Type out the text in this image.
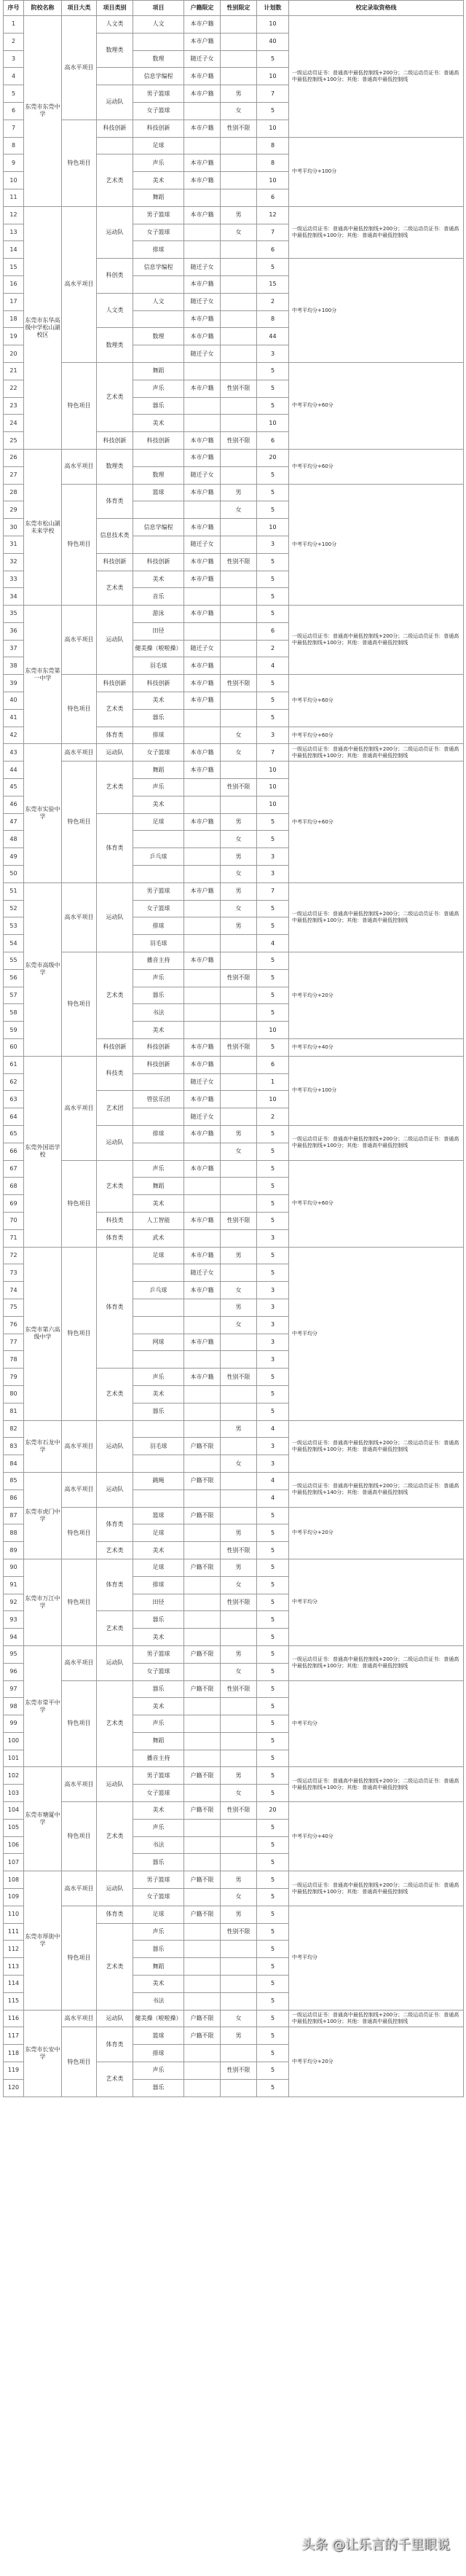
序号	院校名称	项目大类	项目类别	项目	户籍限定	性别限定	计划数	校定录取资格线
1	东莞市东莞中学	高水平项目	人文类	人文	本市户籍		10	一级运动员证书：普通高中最低控制线+200分；二级运动员证书：普通高中最低控制线+100分；其他：普通高中最低控制线
2			数理类		本市户籍		40	
3				数理	随迁子女		5	
4				信息学编程	本市户籍		10	
5			运动队	男子篮球	本市户籍	男	7	
6				女子篮球		女	5	
7		特色项目	科技创新	科技创新	本市户籍	性别不限	10	
8				足球			8	中考平均分+100分
9			艺术类	声乐	本市户籍		8	
10				美术	本市户籍		10	
11				舞蹈			6	
12	东莞市东华高级中学松山湖校区	高水平项目	运动队	男子篮球	本市户籍	男	12	一级运动员证书：普通高中最低控制线+200分；二级运动员证书：普通高中最低控制线+100分；其他：普通高中最低控制线
13				女子篮球		女	7	
14				排球			6	
15			科创类	信息学编程	随迁子女		5	中考平均分+100分
16					本市户籍		15	
17			人文类	人文	随迁子女		2	
18					本市户籍		8	
19			数理类	数理	本市户籍		44	
20					随迁子女		3	
21		特色项目	艺术类	舞蹈			5	中考平均分+60分
22				声乐	本市户籍	性别不限	5	
23				器乐			5	
24				美术			10	
25			科技创新	科技创新	本市户籍	性别不限	6	
26	东莞市松山湖未来学校	高水平项目	数理类		本市户籍		20	中考平均分+60分
27				数理	随迁子女		5	
28		特色项目	体育类	篮球	本市户籍	男	5	中考平均分+100分
29						女	5	
30			信息技术类	信息学编程	本市户籍		10	
31					随迁子女		3	
32			科技创新	科技创新	本市户籍	性别不限	5	
33			艺术类	美术	本市户籍		5	
34				音乐			5	
35	东莞市东莞第一中学	高水平项目	运动队	游泳	本市户籍		5	一级运动员证书：普通高中最低控制线+200分；二级运动员证书：普通高中最低控制线+100分；其他：普通高中最低控制线
36				田径			6	
37				健美操（啦啦操）	随迁子女		2	
38				羽毛球	本市户籍		4	
39		特色项目	科技创新	科技创新	本市户籍	性别不限	5	中考平均分+60分
40			艺术类	美术	本市户籍		5	
41				器乐			5	
42			体育类	排球		女	3	中考平均分+60分
43	东莞市实验中学	高水平项目	运动队	女子篮球	本市户籍	女	7	一级运动员证书：普通高中最低控制线+200分；二级运动员证书：普通高中最低控制线+100分；其他：普通高中最低控制线
44		特色项目	艺术类	舞蹈	本市户籍		10	中考平均分+60分
45				声乐		性别不限	10	
46				美术			10	
47			体育类	足球	本市户籍	男	5	
48						女	5	
49				乒乓球		男	3	
50						女	3	
51	东莞市高级中学	高水平项目	运动队	男子篮球	本市户籍	男	7	一级运动员证书：普通高中最低控制线+200分；二级运动员证书：普通高中最低控制线+100分；其他：普通高中最低控制线
52				女子篮球		女	5	
53				排球		男	5	
54				羽毛球			4	
55		特色项目	艺术类	播音主持	本市户籍		5	中考平均分+20分
56				声乐		性别不限	5	
57				器乐			5	
58				书法			5	
59				美术			10	
60			科技创新	科技创新	本市户籍	性别不限	5	中考平均分+40分
61	东莞外国语学校	高水平项目	科技类	科技创新	本市户籍		6	中考平均分+100分
62					随迁子女		1	
63			艺术团	管弦乐团	本市户籍		10	
64					随迁子女		2	
65			运动队	排球	本市户籍	男	5	一级运动员证书：普通高中最低控制线+200分；二级运动员证书：普通高中最低控制线+100分；其他：普通高中最低控制线
66						女	5	
67		特色项目	艺术类	声乐	本市户籍		5	中考平均分+60分
68				舞蹈			5	
69				美术			5	
70			科技类	人工智能	本市户籍	性别不限	5	
71			体育类	武术			3	
72	东莞市第六高级中学	特色项目	体育类	足球	本市户籍	男	5	中考平均分
73					随迁子女		5	
74				乒乓球	本市户籍	女	3	
75						男	3	
76						女	3	
77				网球	本市户籍		3	
78							3	
79			艺术类	声乐	本市户籍	性别不限	5	
80				美术			5	
81				器乐			5	
82	东莞市石龙中学	高水平项目	运动队			男	4	一级运动员证书：普通高中最低控制线+200分；二级运动员证书：普通高中最低控制线+100分；其他：普通高中最低控制线
83				羽毛球	户籍不限		3	
84						女	3	
85	东莞市虎门中学	高水平项目	运动队	跳绳	户籍不限		4	一级运动员证书：普通高中最低控制线+200分；二级运动员证书：普通高中最低控制线+140分；其他：普通高中最低控制线
86							4	
87		特色项目	体育类	篮球	户籍不限		5	中考平均分+20分
88				足球		男	5	
89			艺术类	美术		性别不限	5	
90	东莞市万江中学	特色项目	体育类	足球	户籍不限	男	5	中考平均分
91				排球		女	5	
92				田径		性别不限	5	
93			艺术类	器乐			5	
94				美术			5	
95	东莞市常平中学	高水平项目	运动队	男子篮球	户籍不限	男	5	一级运动员证书：普通高中最低控制线+200分；二级运动员证书：普通高中最低控制线+100分；其他：普通高中最低控制线
96				女子篮球		女	5	
97		特色项目	艺术类	器乐	户籍不限	性别不限	5	中考平均分
98				美术			5	
99				声乐			5	
100				舞蹈			5	
101				播音主持			5	
102	东莞市塘厦中学	高水平项目	运动队	男子篮球	户籍不限	男	5	一级运动员证书：普通高中最低控制线+200分；二级运动员证书：普通高中最低控制线+100分；其他：普通高中最低控制线
103				女子篮球		女	5	
104		特色项目	艺术类	美术	户籍不限	性别不限	20	中考平均分+40分
105				声乐			5	
106				书法			5	
107				器乐			5	
108	东莞市厚街中学	高水平项目	运动队	男子篮球	户籍不限	男	5	一级运动员证书：普通高中最低控制线+200分；二级运动员证书：普通高中最低控制线+100分；其他：普通高中最低控制线
109				女子篮球		女	5	
110		特色项目	体育类	足球	户籍不限	男	5	中考平均分
111			艺术类	声乐		性别不限	5	
112				器乐			5	
113				舞蹈			5	
114				美术			5	
115				书法			5	
116	东莞市长安中学	高水平项目	运动队	健美操（啦啦操）	户籍不限	女	5	一级运动员证书：普通高中最低控制线+200分；二级运动员证书：普通高中最低控制线+100分；其他：普通高中最低控制线
117		特色项目	体育类	篮球	户籍不限	男	5	中考平均分+20分
118				排球			5	
119			艺术类	声乐		性别不限	5	
120				器乐			5	
头条 @让乐言的千里眼说
